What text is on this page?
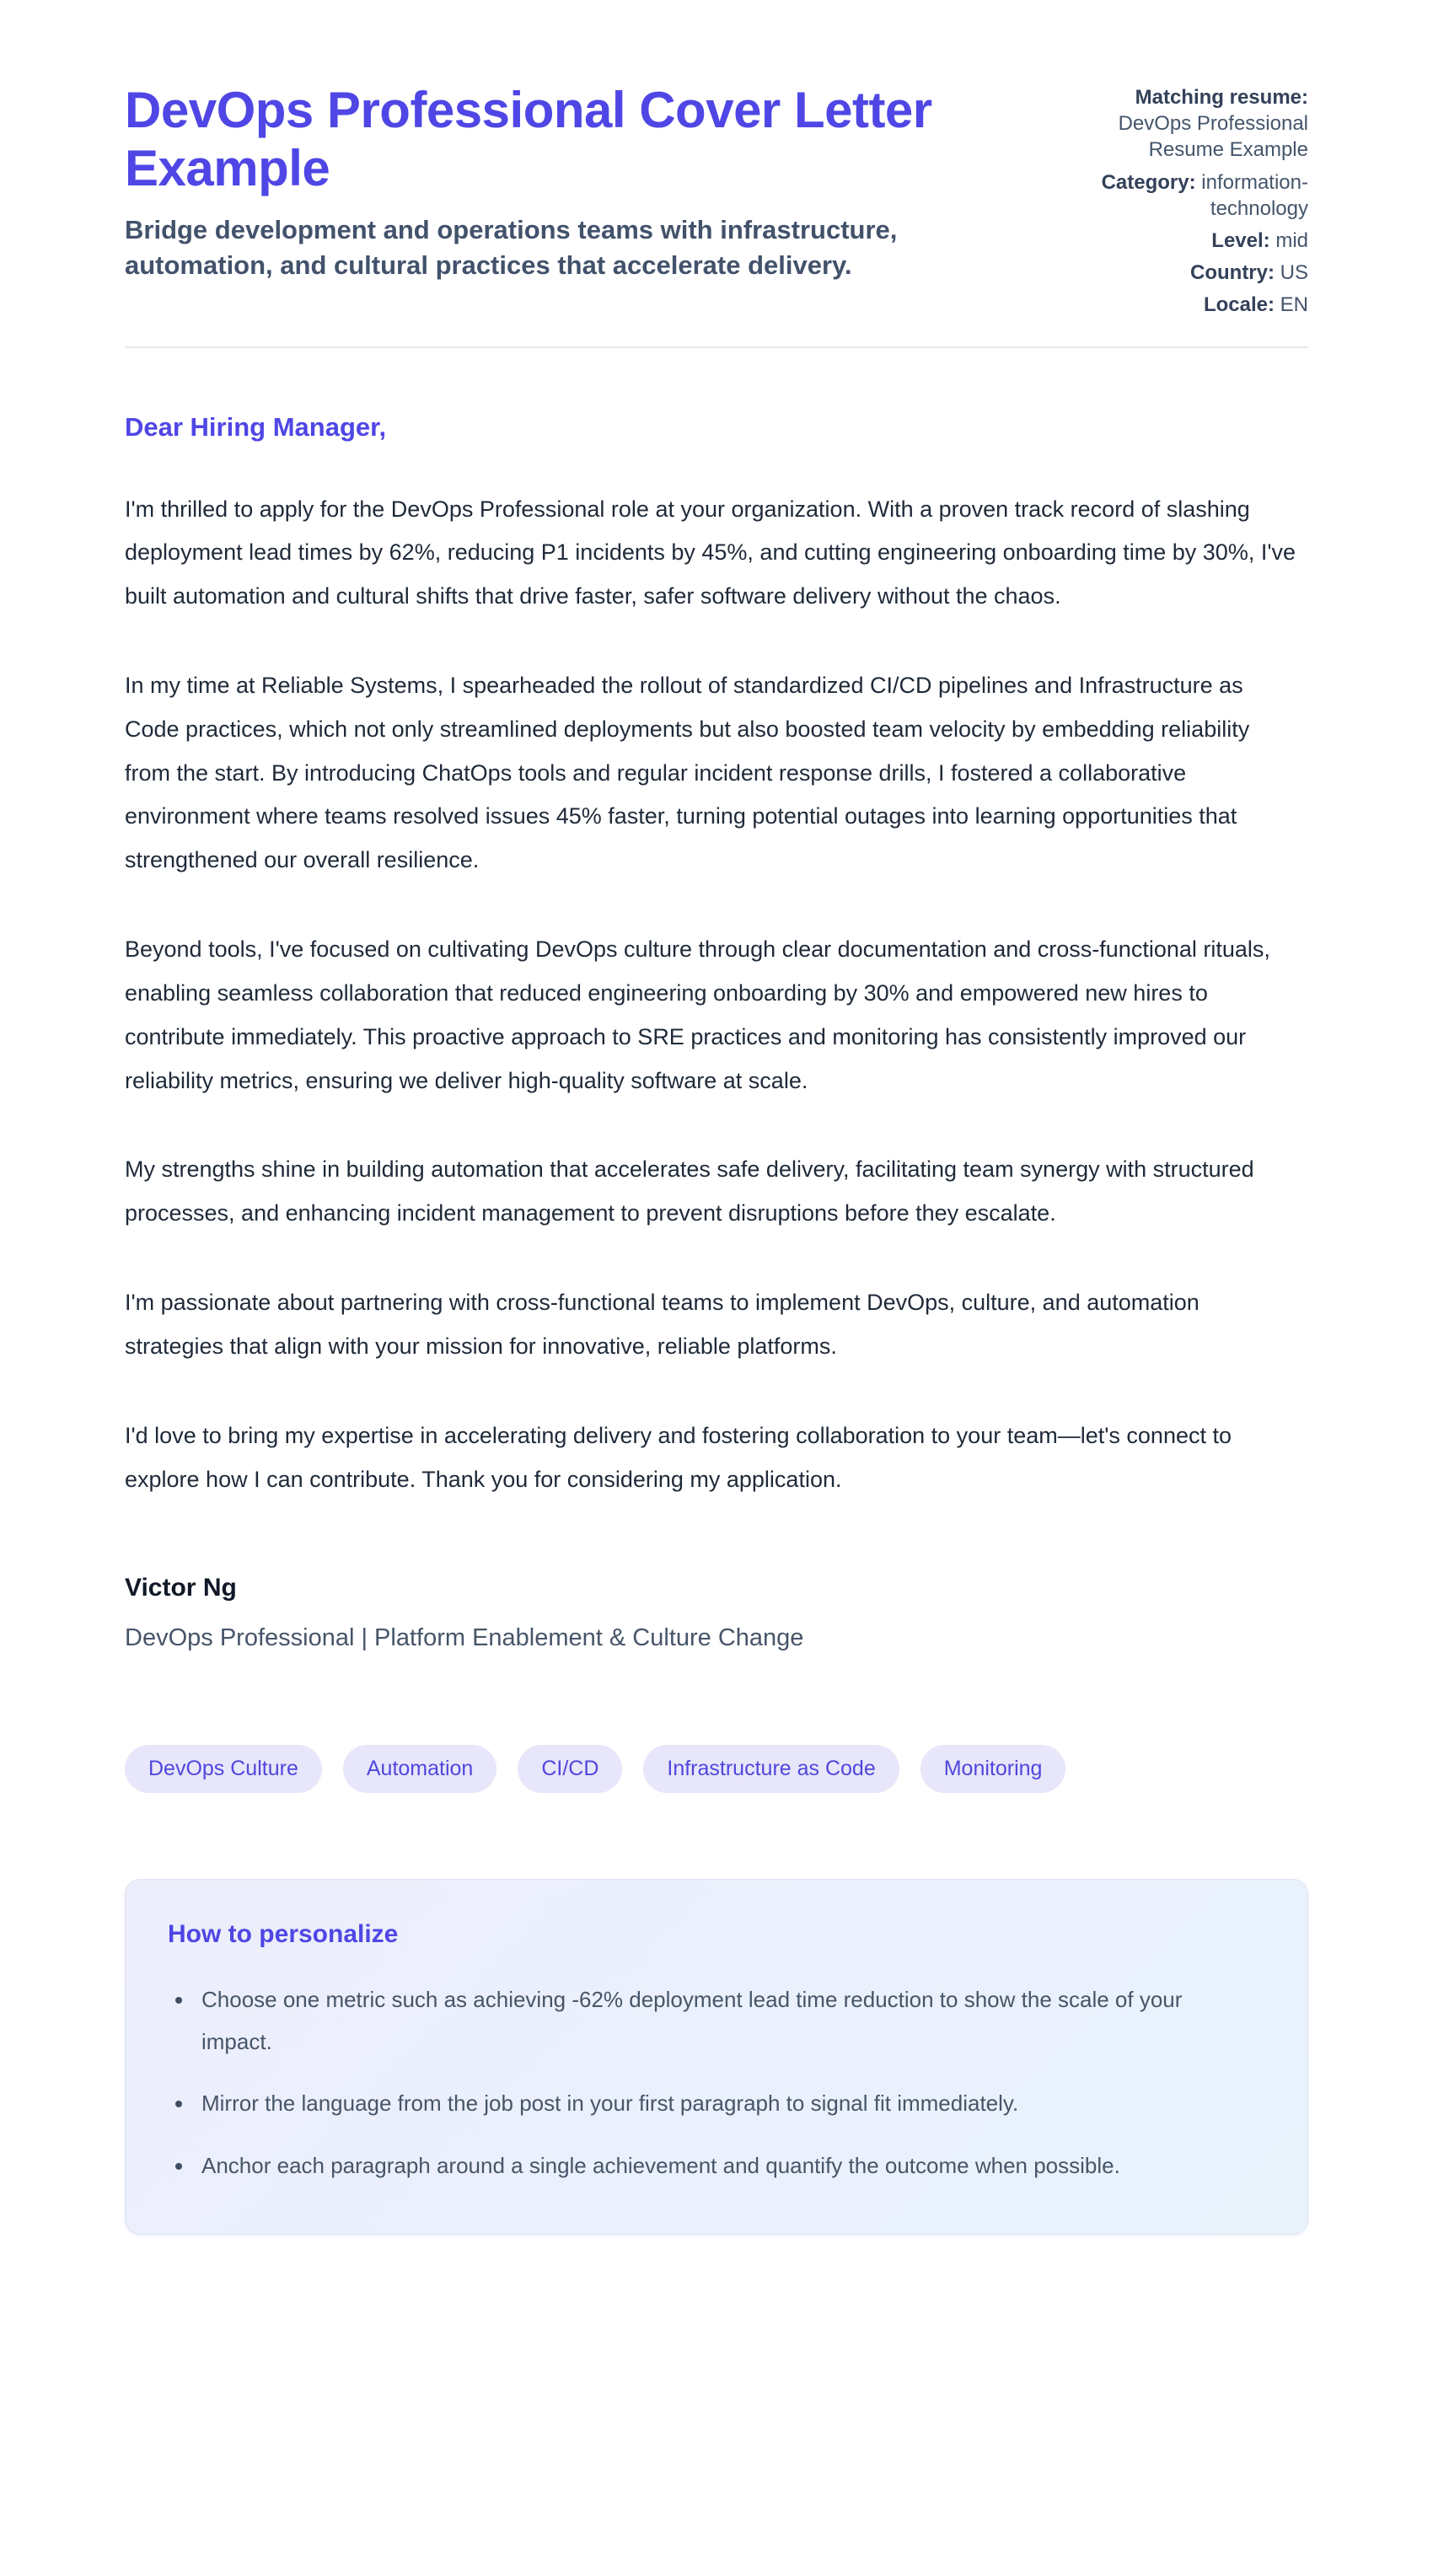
DevOps Professional Cover Letter Example

Bridge development and operations teams with infrastructure, automation, and cultural practices that accelerate delivery.

Matching resume: DevOps Professional Resume Example
Category: information-technology
Level: mid
Country: US
Locale: EN

Dear Hiring Manager,

I'm thrilled to apply for the DevOps Professional role at your organization. With a proven track record of slashing deployment lead times by 62%, reducing P1 incidents by 45%, and cutting engineering onboarding time by 30%, I've built automation and cultural shifts that drive faster, safer software delivery without the chaos.

In my time at Reliable Systems, I spearheaded the rollout of standardized CI/CD pipelines and Infrastructure as Code practices, which not only streamlined deployments but also boosted team velocity by embedding reliability from the start. By introducing ChatOps tools and regular incident response drills, I fostered a collaborative environment where teams resolved issues 45% faster, turning potential outages into learning opportunities that strengthened our overall resilience.

Beyond tools, I've focused on cultivating DevOps culture through clear documentation and cross-functional rituals, enabling seamless collaboration that reduced engineering onboarding by 30% and empowered new hires to contribute immediately. This proactive approach to SRE practices and monitoring has consistently improved our reliability metrics, ensuring we deliver high-quality software at scale.

My strengths shine in building automation that accelerates safe delivery, facilitating team synergy with structured processes, and enhancing incident management to prevent disruptions before they escalate.

I'm passionate about partnering with cross-functional teams to implement DevOps, culture, and automation strategies that align with your mission for innovative, reliable platforms.

I'd love to bring my expertise in accelerating delivery and fostering collaboration to your team—let's connect to explore how I can contribute. Thank you for considering my application.

Victor Ng

DevOps Professional | Platform Enablement & Culture Change

DevOps Culture	Automation	CI/CD	Infrastructure as Code	Monitoring
How to personalize
• Choose one metric such as achieving -62% deployment lead time reduction to show the scale of your impact.
• Mirror the language from the job post in your first paragraph to signal fit immediately.
• Anchor each paragraph around a single achievement and quantify the outcome when possible.
